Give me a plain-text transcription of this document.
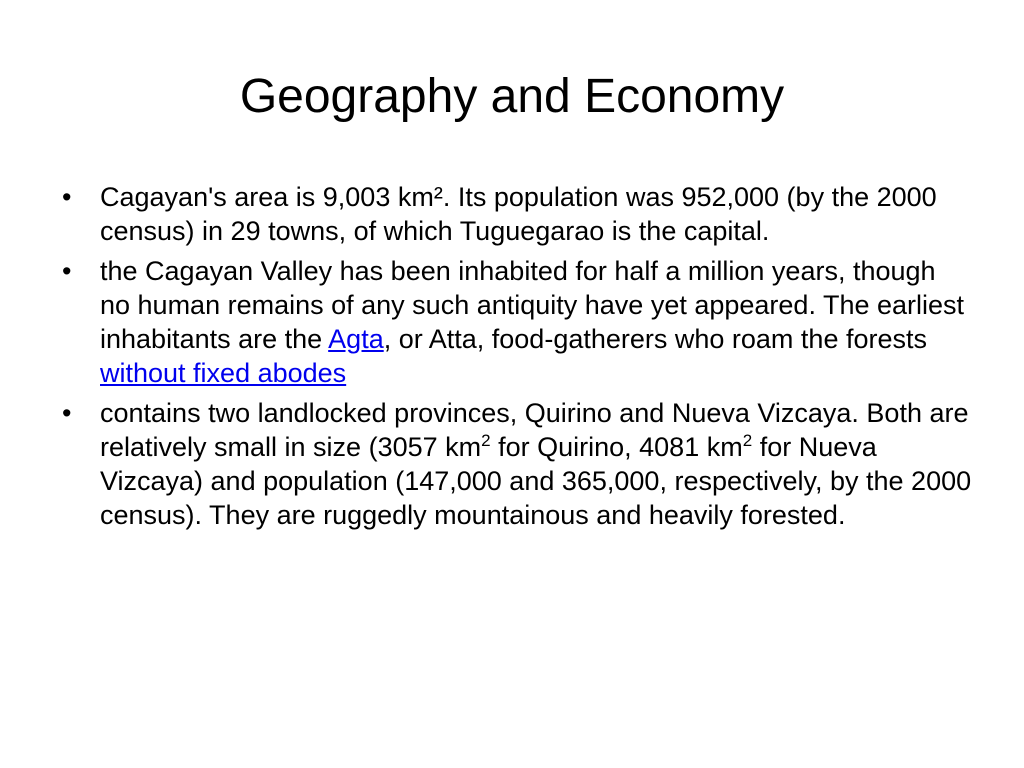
Geography and Economy
•	Cagayan's area is 9,003 km². Its population was 952,000 (by the 2000 census) in 29 towns, of which Tuguegarao is the capital.
•	the Cagayan Valley has been inhabited for half a million years, though no human remains of any such antiquity have yet appeared. The earliest inhabitants are the Agta, or Atta, food-gatherers who roam the forests without fixed abodes
•	contains two landlocked provinces, Quirino and Nueva Vizcaya. Both are relatively small in size (3057 $km^2$ for Quirino, 4081 $km^2$ for Nueva Vizcaya) and population (147,000 and 365,000, respectively, by the 2000 census). They are ruggedly mountainous and heavily forested.
